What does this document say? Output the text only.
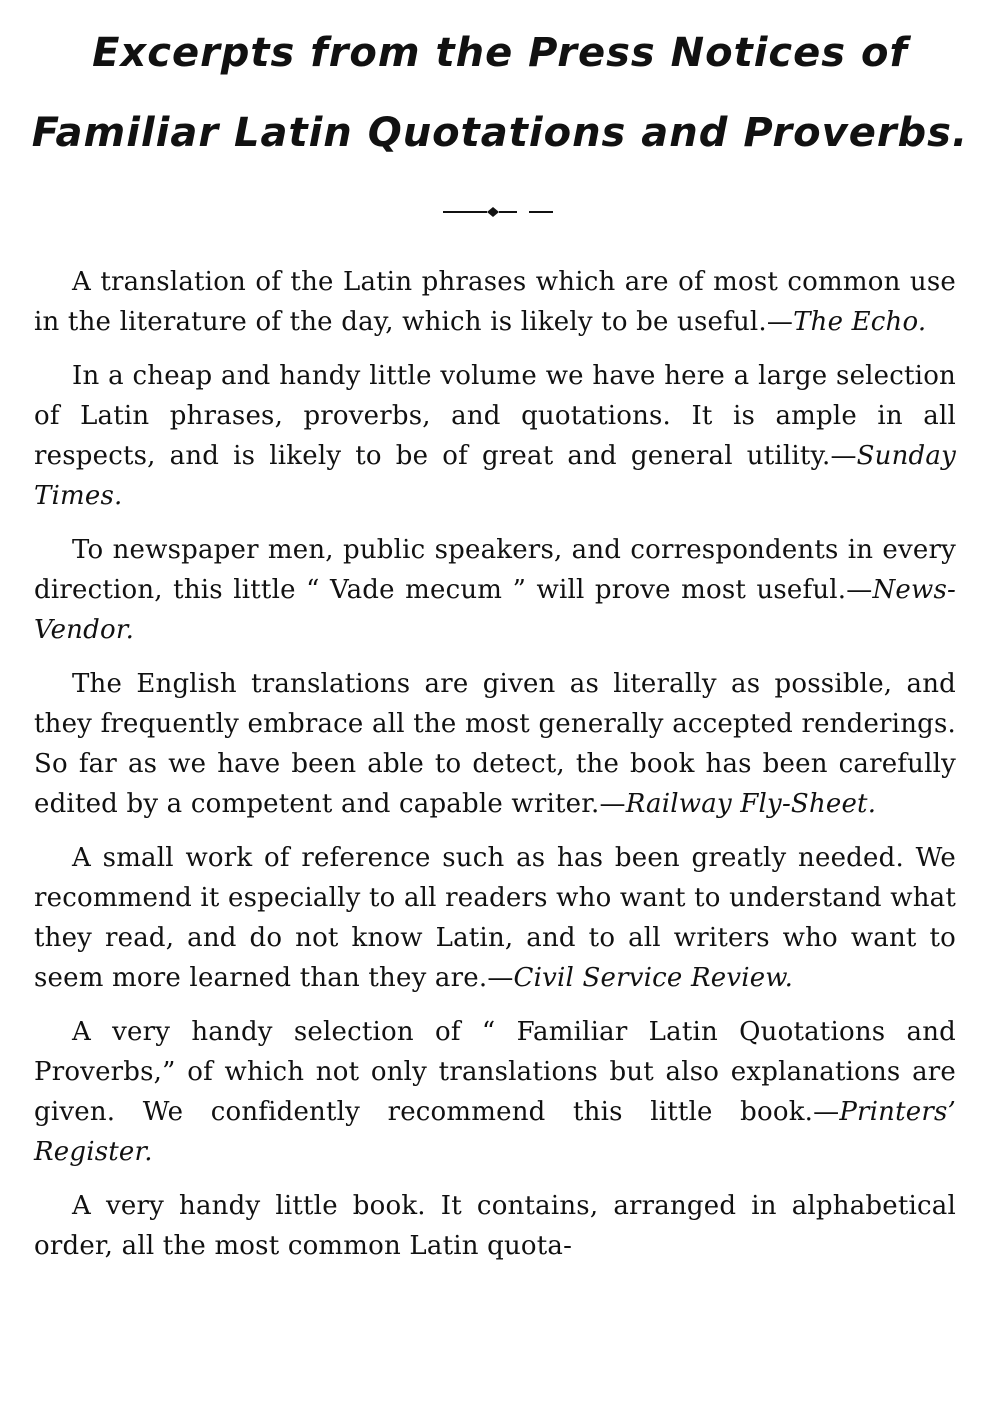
Excerpts from the Press Notices of
Familiar Latin Quotations and Proverbs.

A translation of the Latin phrases which are of most common use in the literature of the day, which is likely to be useful.—The Echo.

In a cheap and handy little volume we have here a large selection of Latin phrases, proverbs, and quotations. It is ample in all respects, and is likely to be of great and general utility.—Sunday Times.

To newspaper men, public speakers, and correspondents in every direction, this little “ Vade mecum ” will prove most useful.—News-Vendor.

The English translations are given as literally as possible, and they frequently embrace all the most generally accepted renderings. So far as we have been able to detect, the book has been carefully edited by a competent and capable writer.—Railway Fly-Sheet.

A small work of reference such as has been greatly needed. We recommend it especially to all readers who want to understand what they read, and do not know Latin, and to all writers who want to seem more learned than they are.—Civil Service Review.

A very handy selection of “ Familiar Latin Quotations and Proverbs,” of which not only translations but also explanations are given. We confidently recommend this little book.—Printers’ Register.

A very handy little book. It contains, arranged in alphabetical order, all the most common Latin quota-
